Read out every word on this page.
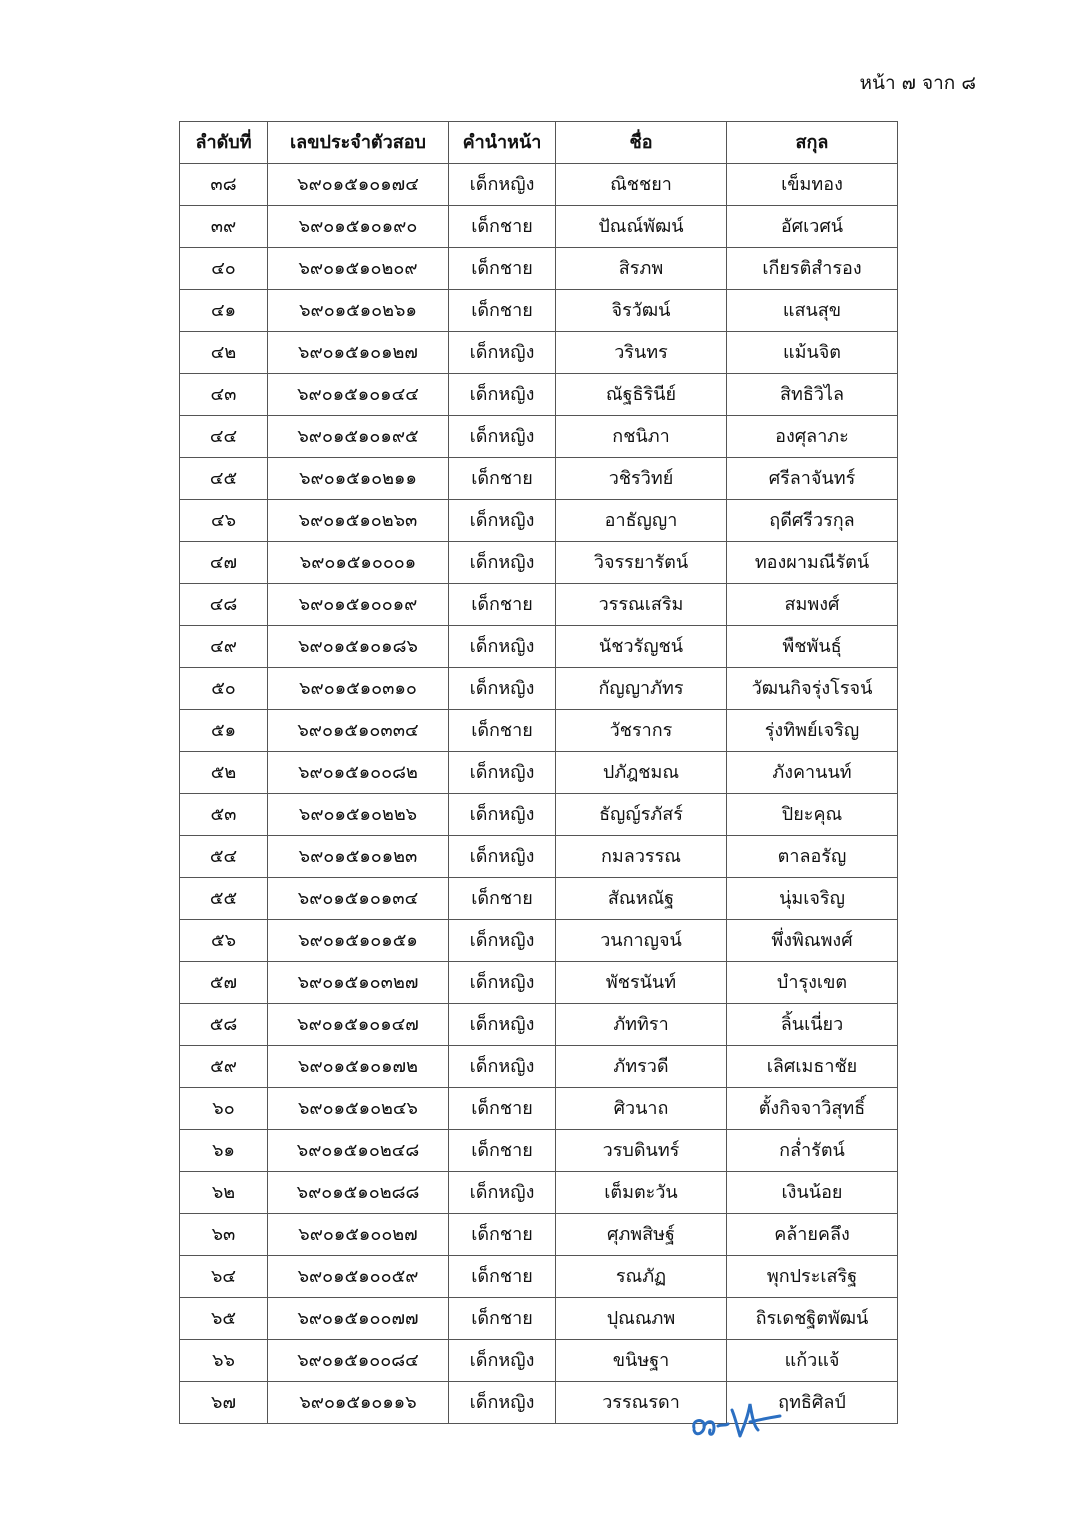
หน้า ๗ จาก ๘
ลำดับที่	เลขประจำตัวสอบ	คำนำหน้า	ชื่อ	สกุล
๓๘	๖๙๐๑๕๑๐๑๗๔	เด็กหญิง	ณิชชยา	เข็มทอง
๓๙	๖๙๐๑๕๑๐๑๙๐	เด็กชาย	ปัณณ์พัฒน์	อัศเวศน์
๔๐	๖๙๐๑๕๑๐๒๐๙	เด็กชาย	สิรภพ	เกียรติสำรอง
๔๑	๖๙๐๑๕๑๐๒๖๑	เด็กชาย	จิรวัฒน์	แสนสุข
๔๒	๖๙๐๑๕๑๐๑๒๗	เด็กหญิง	วรินทร	แม้นจิต
๔๓	๖๙๐๑๕๑๐๑๔๔	เด็กหญิง	ณัฐธิรินีย์	สิทธิวิไล
๔๔	๖๙๐๑๕๑๐๑๙๕	เด็กหญิง	กชนิภา	องศุลาภะ
๔๕	๖๙๐๑๕๑๐๒๑๑	เด็กชาย	วชิรวิทย์	ศรีลาจันทร์
๔๖	๖๙๐๑๕๑๐๒๖๓	เด็กหญิง	อาธัญญา	ฤดีศรีวรกุล
๔๗	๖๙๐๑๕๑๐๐๐๑	เด็กหญิง	วิจรรยารัตน์	ทองผามณีรัตน์
๔๘	๖๙๐๑๕๑๐๐๑๙	เด็กชาย	วรรณเสริม	สมพงศ์
๔๙	๖๙๐๑๕๑๐๑๘๖	เด็กหญิง	นัชวรัญชน์	พืชพันธุ์
๕๐	๖๙๐๑๕๑๐๓๑๐	เด็กหญิง	กัญญาภัทร	วัฒนกิจรุ่งโรจน์
๕๑	๖๙๐๑๕๑๐๓๓๔	เด็กชาย	วัชรากร	รุ่งทิพย์เจริญ
๕๒	๖๙๐๑๕๑๐๐๘๒	เด็กหญิง	ปภัฎชมณ	ภังคานนท์
๕๓	๖๙๐๑๕๑๐๒๒๖	เด็กหญิง	ธัญญ์รภัสร์	ปิยะคุณ
๕๔	๖๙๐๑๕๑๐๑๒๓	เด็กหญิง	กมลวรรณ	ตาลอรัญ
๕๕	๖๙๐๑๕๑๐๑๓๔	เด็กชาย	สัณหณัฐ	นุ่มเจริญ
๕๖	๖๙๐๑๕๑๐๑๕๑	เด็กหญิง	วนกาญจน์	พึ่งพิณพงศ์
๕๗	๖๙๐๑๕๑๐๓๒๗	เด็กหญิง	พัชรนันท์	บำรุงเขต
๕๘	๖๙๐๑๕๑๐๑๔๗	เด็กหญิง	ภัททิรา	ลิ้นเนี่ยว
๕๙	๖๙๐๑๕๑๐๑๗๒	เด็กหญิง	ภัทรวดี	เลิศเมธาชัย
๖๐	๖๙๐๑๕๑๐๒๔๖	เด็กชาย	ศิวนาถ	ตั้งกิจจาวิสุทธิ์
๖๑	๖๙๐๑๕๑๐๒๔๘	เด็กชาย	วรบดินทร์	กล่ำรัตน์
๖๒	๖๙๐๑๕๑๐๒๘๘	เด็กหญิง	เต็มตะวัน	เงินน้อย
๖๓	๖๙๐๑๕๑๐๐๒๗	เด็กชาย	ศุภพสิษฐ์	คล้ายคลึง
๖๔	๖๙๐๑๕๑๐๐๕๙	เด็กชาย	รณภัฏ	พุกประเสริฐ
๖๕	๖๙๐๑๕๑๐๐๗๗	เด็กชาย	ปุณณภพ	ถิรเดชฐิตพัฒน์
๖๖	๖๙๐๑๕๑๐๐๘๔	เด็กหญิง	ขนิษฐา	แก้วแจ้
๖๗	๖๙๐๑๕๑๐๑๑๖	เด็กหญิง	วรรณรดา	ฤทธิศิลป์
